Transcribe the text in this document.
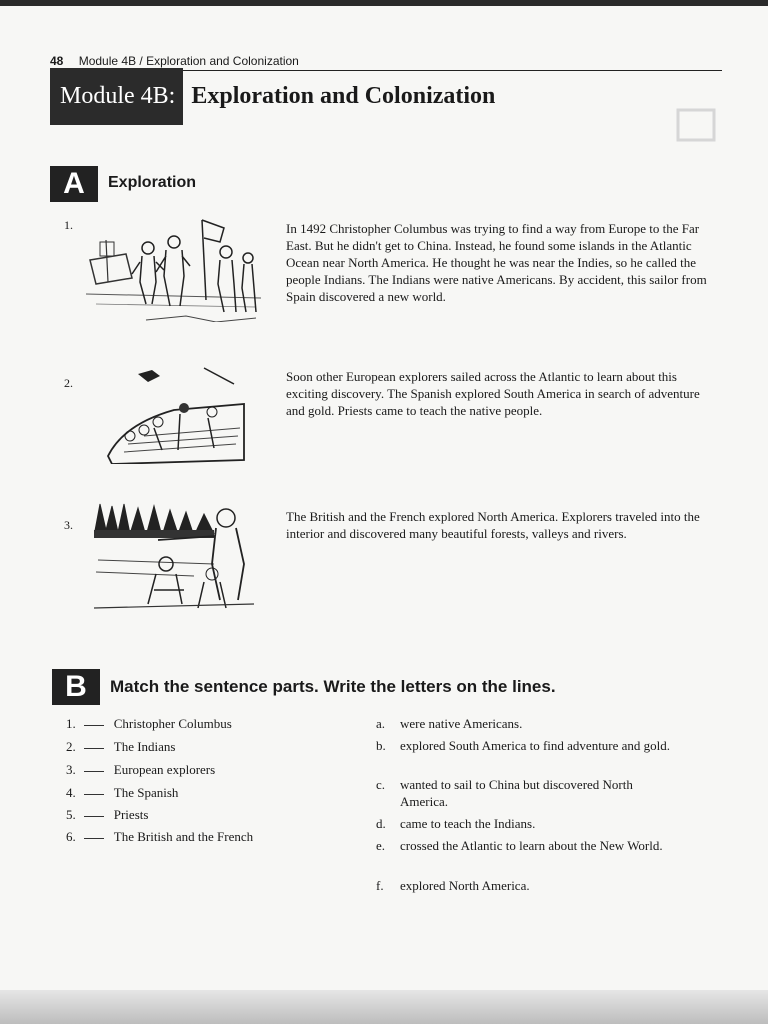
48 Module 4B / Exploration and Colonization
Module 4B: Exploration and Colonization
A	Exploration
1.	In 1492 Christopher Columbus was trying to find a way from Europe to the Far East. But he didn't get to China. Instead, he found some islands in the Atlantic Ocean near North America. He thought he was near the Indies, so he called the people Indians. The Indians were native Americans. By accident, this sailor from Spain discovered a new world.
2.	Soon other European explorers sailed across the Atlantic to learn about this exciting discovery. The Spanish explored South America in search of adventure and gold. Priests came to teach the native people.
3.
The British and the French explored North America. Explorers traveled into the interior and discovered many beautiful forests, valleys and rivers.
B	Match the sentence parts. Write the letters on the lines.
1.	Christopher Columbus
2.	The Indians
3.	European explorers
4.	The Spanish
5.	Priests
6.	The British and the French
a. were native Americans.
b. explored South America to find adventure and gold.
c. wanted to sail to China but discovered North America.
d. came to teach the Indians.
e. crossed the Atlantic to learn about the New World.
f. explored North America.
